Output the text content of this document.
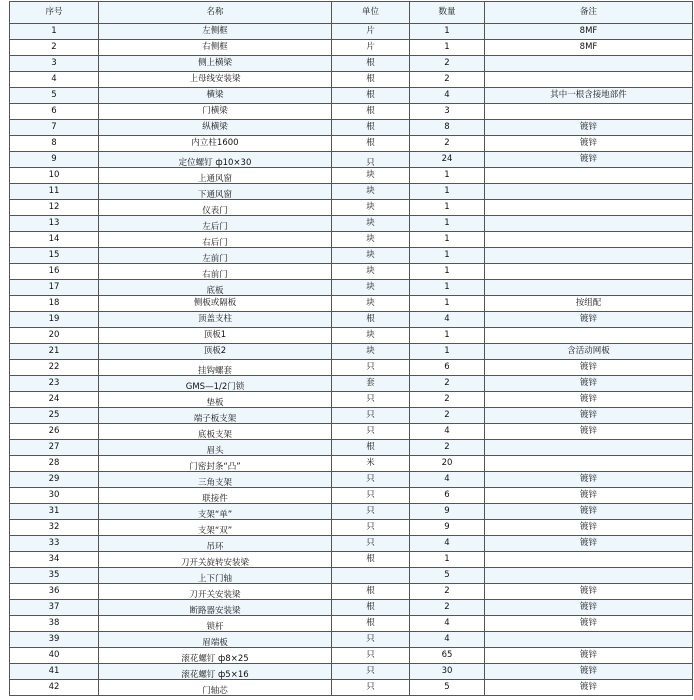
序号	名称	单位	数量	备注
1	左侧框	片	1	8MF
2	右侧框	片	1	8MF
3	侧上横梁	根	2	
4	上母线安装梁	根	2	
5	横梁	根	4	其中一根含接地部件
6	门横梁	根	3	
7	纵横梁	根	8	镀锌
8	内立柱1600	根	2	镀锌
9	定位螺钉 ф10×30	只	24	镀锌
10	上通风窗	块	1	
11	下通风窗	块	1	
12	仪表门	块	1	
13	左后门	块	1	
14	右后门	块	1	
15	左前门	块	1	
16	右前门	块	1	
17	底板	块	1	
18	侧板或隔板	块	1	按组配
19	顶盖支柱	根	4	镀锌
20	顶板1	块	1	
21	顶板2	块	1	含活动网板
22	挂钩螺套	只	6	镀锌
23	GMS—1/2门锁	套	2	镀锌
24	垫板	只	2	镀锌
25	端子板支架	只	2	镀锌
26	底板支架	只	4	镀锌
27	眉头	根	2	
28	门密封条“凸”	米	20	
29	三角支架	只	4	镀锌
30	联接件	只	6	镀锌
31	支架“单”	只	9	镀锌
32	支架“双”	只	9	镀锌
33	吊环	只	4	镀锌
34	刀开关旋转安装梁	根	1	
35	上下门轴		5	
36	刀开关安装梁	根	2	镀锌
37	断路器安装梁	根	2	镀锌
38	锁杆	根	4	镀锌
39	眉端板	只	4	
40	滚花螺钉 ф8×25	只	65	镀锌
41	滚花螺钉 ф5×16	只	30	镀锌
42	门轴芯	只	5	镀锌
